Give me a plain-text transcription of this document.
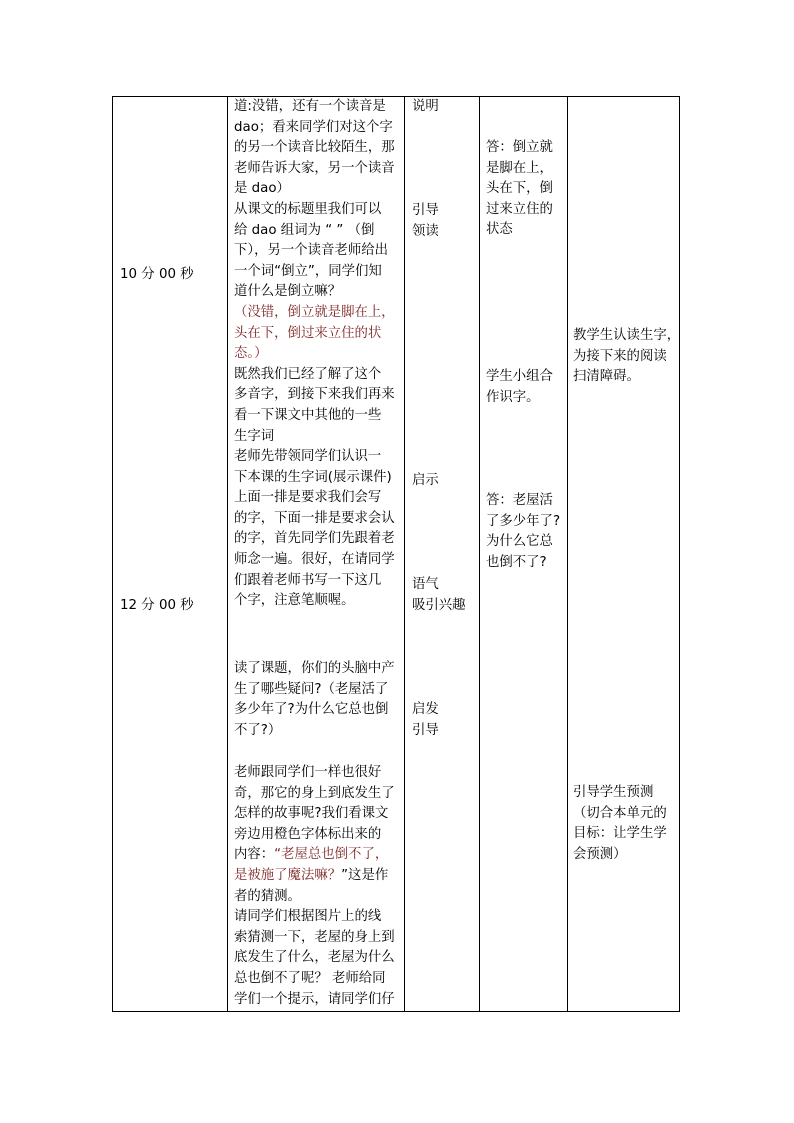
10 分 00 秒
12 分 00 秒
道:没错，还有一个读音是
dao；看来同学们对这个字
的另一个读音比较陌生，那
老师告诉大家，另一个读音
是 dao）
从课文的标题里我们可以
给 dao 组词为 “ ” （倒
下），另一个读音老师给出
一个词“倒立”，同学们知
道什么是倒立嘛？
（没错，倒立就是脚在上，
头在下，倒过来立住的状
态。）
既然我们已经了解了这个
多音字，到接下来我们再来
看一下课文中其他的一些
生字词
老师先带领同学们认识一
下本课的生字词(展示课件)
上面一排是要求我们会写
的字，下面一排是要求会认
的字，首先同学们先跟着老
师念一遍。很好，在请同学
们跟着老师书写一下这几
个字，注意笔顺喔。
读了课题，你们的头脑中产
生了哪些疑问?（老屋活了
多少年了?为什么它总也倒
不了?）
老师跟同学们一样也很好
奇，那它的身上到底发生了
怎样的故事呢?我们看课文
旁边用橙色字体标出来的
内容：“老屋总也倒不了，
是被施了魔法嘛？”这是作
者的猜测。
请同学们根据图片上的线
索猜测一下，老屋的身上到
底发生了什么，老屋为什么
总也倒不了呢？ 老师给同
学们一个提示，请同学们仔
说明
引导
领读
启示
语气
吸引兴趣
启发
引导
答：倒立就
是脚在上，
头在下，倒
过来立住的
状态
学生小组合
作识字。
答：老屋活
了多少年了?
为什么它总
也倒不了?
教学生认读生字，
为接下来的阅读
扫清障碍。
引导学生预测
（切合本单元的
目标：让学生学
会预测）
